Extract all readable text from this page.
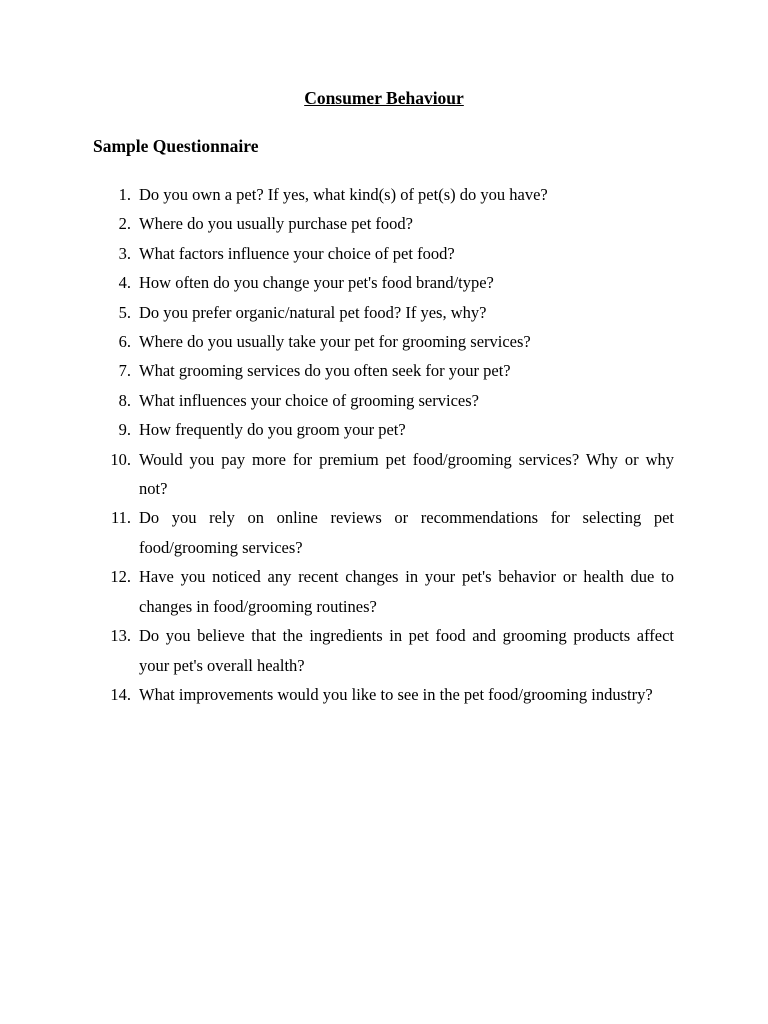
Consumer Behaviour
Sample Questionnaire
1. Do you own a pet? If yes, what kind(s) of pet(s) do you have?
2. Where do you usually purchase pet food?
3. What factors influence your choice of pet food?
4. How often do you change your pet's food brand/type?
5. Do you prefer organic/natural pet food? If yes, why?
6. Where do you usually take your pet for grooming services?
7. What grooming services do you often seek for your pet?
8. What influences your choice of grooming services?
9. How frequently do you groom your pet?
10. Would you pay more for premium pet food/grooming services? Why or why not?
11. Do you rely on online reviews or recommendations for selecting pet food/grooming services?
12. Have you noticed any recent changes in your pet's behavior or health due to changes in food/grooming routines?
13. Do you believe that the ingredients in pet food and grooming products affect your pet's overall health?
14. What improvements would you like to see in the pet food/grooming industry?
